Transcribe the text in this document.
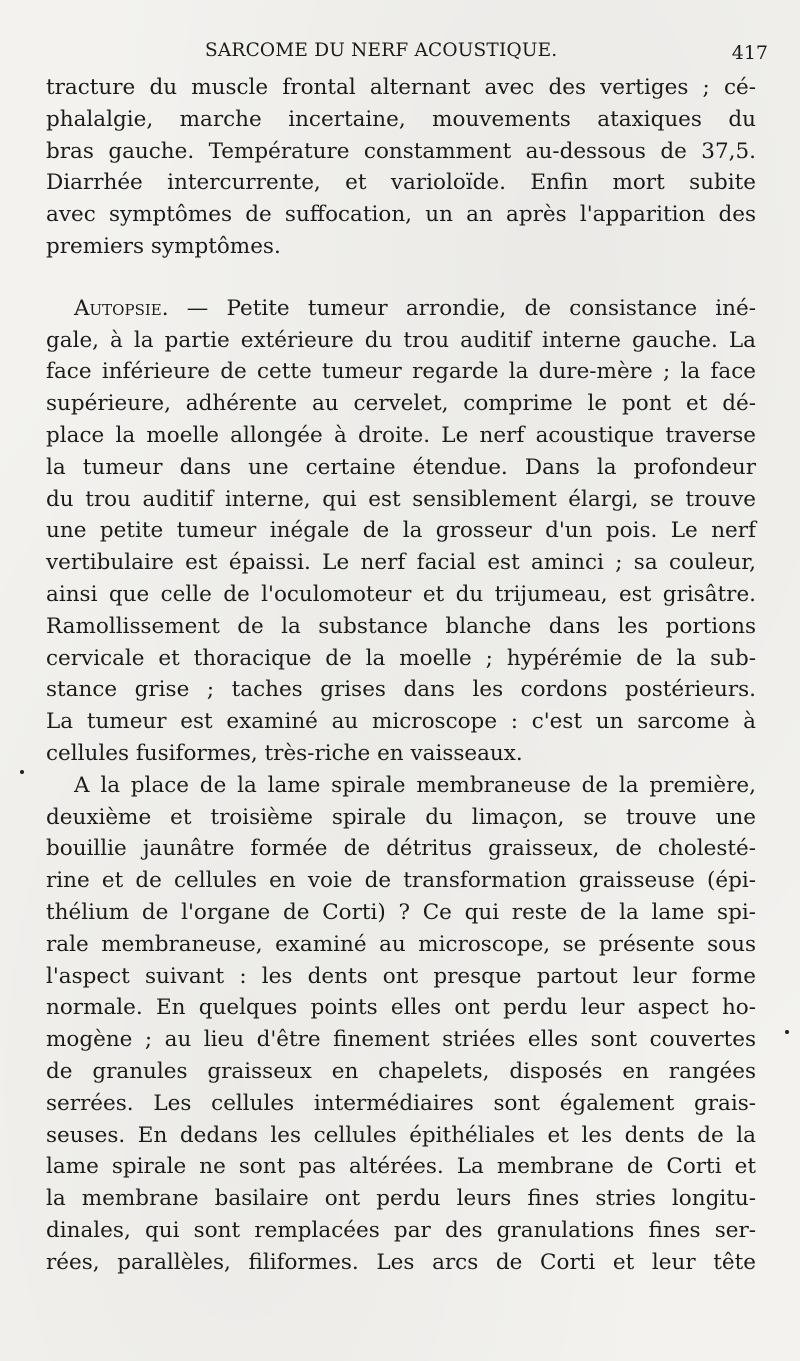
SARCOME DU NERF ACOUSTIQUE.	417
tracture du muscle frontal alternant avec des vertiges ; cé-
phalalgie, marche incertaine, mouvements ataxiques du
bras gauche. Température constamment au-dessous de 37,5.
Diarrhée intercurrente, et varioloïde. Enfin mort subite
avec symptômes de suffocation, un an après l'apparition des
premiers symptômes.
Autopsie. — Petite tumeur arrondie, de consistance iné-
gale, à la partie extérieure du trou auditif interne gauche. La
face inférieure de cette tumeur regarde la dure-mère ; la face
supérieure, adhérente au cervelet, comprime le pont et dé-
place la moelle allongée à droite. Le nerf acoustique traverse
la tumeur dans une certaine étendue. Dans la profondeur
du trou auditif interne, qui est sensiblement élargi, se trouve
une petite tumeur inégale de la grosseur d'un pois. Le nerf
vertibulaire est épaissi. Le nerf facial est aminci ; sa couleur,
ainsi que celle de l'oculomoteur et du trijumeau, est grisâtre.
Ramollissement de la substance blanche dans les portions
cervicale et thoracique de la moelle ; hypérémie de la sub-
stance grise ; taches grises dans les cordons postérieurs.
La tumeur est examiné au microscope : c'est un sarcome à
cellules fusiformes, très-riche en vaisseaux.
A la place de la lame spirale membraneuse de la première,
deuxième et troisième spirale du limaçon, se trouve une
bouillie jaunâtre formée de détritus graisseux, de cholesté-
rine et de cellules en voie de transformation graisseuse (épi-
thélium de l'organe de Corti) ? Ce qui reste de la lame spi-
rale membraneuse, examiné au microscope, se présente sous
l'aspect suivant : les dents ont presque partout leur forme
normale. En quelques points elles ont perdu leur aspect ho-
mogène ; au lieu d'être finement striées elles sont couvertes
de granules graisseux en chapelets, disposés en rangées
serrées. Les cellules intermédiaires sont également grais-
seuses. En dedans les cellules épithéliales et les dents de la
lame spirale ne sont pas altérées. La membrane de Corti et
la membrane basilaire ont perdu leurs fines stries longitu-
dinales, qui sont remplacées par des granulations fines ser-
rées, parallèles, filiformes. Les arcs de Corti et leur tête
